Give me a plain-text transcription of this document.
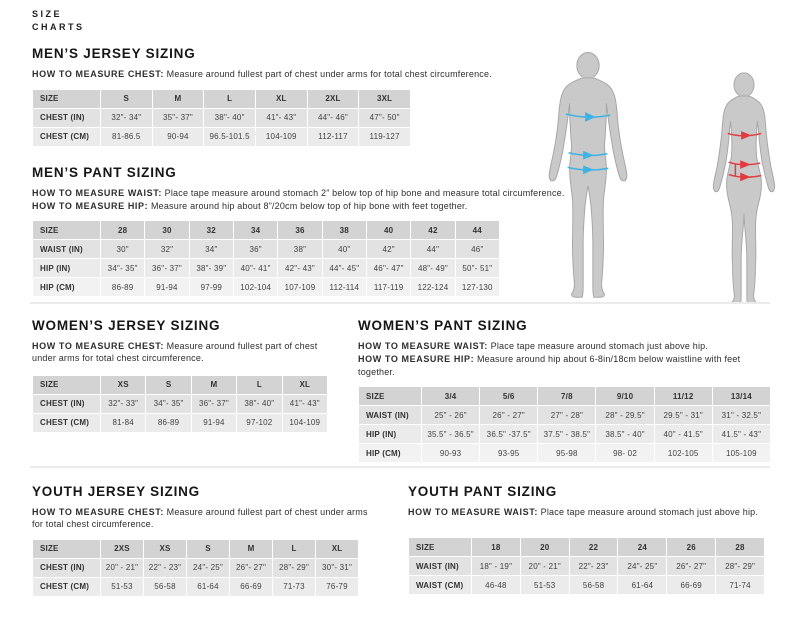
SIZE
CHARTS
MEN’S JERSEY SIZING
HOW TO MEASURE CHEST: Measure around fullest part of chest under arms for total chest circumference.
SIZE	S	M	L	XL	2XL	3XL
CHEST (IN)	32"- 34"	35"- 37"	38"- 40"	41"- 43"	44"- 46"	47"- 50"
CHEST (CM)	81-86.5	90-94	96.5-101.5	104-109	112-117	119-127
MEN’S PANT SIZING
HOW TO MEASURE WAIST: Place tape measure around stomach 2” below top of hip bone and measure total circumference.
HOW TO MEASURE HIP: Measure around hip about 8”/20cm below top of hip bone with feet together.
SIZE	28	30	32	34	36	38	40	42	44
WAIST (IN)	30"	32"	34"	36"	38"	40"	42"	44"	46"
HIP (IN)	34"- 35"	36"- 37"	38"- 39"	40"- 41"	42"- 43"	44"- 45"	46"- 47"	48"- 49"	50"- 51"
HIP (CM)	86-89	91-94	97-99	102-104	107-109	112-114	117-119	122-124	127-130
WOMEN’S JERSEY SIZING
HOW TO MEASURE CHEST: Measure around fullest part of chest under arms for total chest circumference.
SIZE	XS	S	M	L	XL
CHEST (IN)	32"- 33"	34"- 35"	36"- 37"	38"- 40"	41"- 43"
CHEST (CM)	81-84	86-89	91-94	97-102	104-109
WOMEN’S PANT SIZING
HOW TO MEASURE WAIST: Place tape measure around stomach just above hip.
HOW TO MEASURE HIP: Measure around hip about 6-8in/18cm below waistline with feet together.
SIZE	3/4	5/6	7/8	9/10	11/12	13/14
WAIST (IN)	25" - 26"	26" - 27"	27" - 28"	28" - 29.5"	29.5" - 31"	31" - 32.5"
HIP (IN)	35.5" - 36.5"	36.5" -37.5"	37.5" - 38.5"	38.5" - 40"	40" - 41.5"	41.5" - 43"
HIP (CM)	90-93	93-95	95-98	98- 02	102-105	105-109
YOUTH JERSEY SIZING
HOW TO MEASURE CHEST: Measure around fullest part of chest under arms for total chest circumference.
SIZE	2XS	XS	S	M	L	XL
CHEST (IN)	20" - 21"	22" - 23"	24"- 25"	26"- 27"	28"- 29"	30"- 31"
CHEST (CM)	51-53	56-58	61-64	66-69	71-73	76-79
YOUTH PANT SIZING
HOW TO MEASURE WAIST: Place tape measure around stomach just above hip.
SIZE	18	20	22	24	26	28
WAIST (IN)	18" - 19"	20" - 21"	22"- 23"	24"- 25"	26"- 27"	28"- 29"
WAIST (CM)	46-48	51-53	56-58	61-64	66-69	71-74
